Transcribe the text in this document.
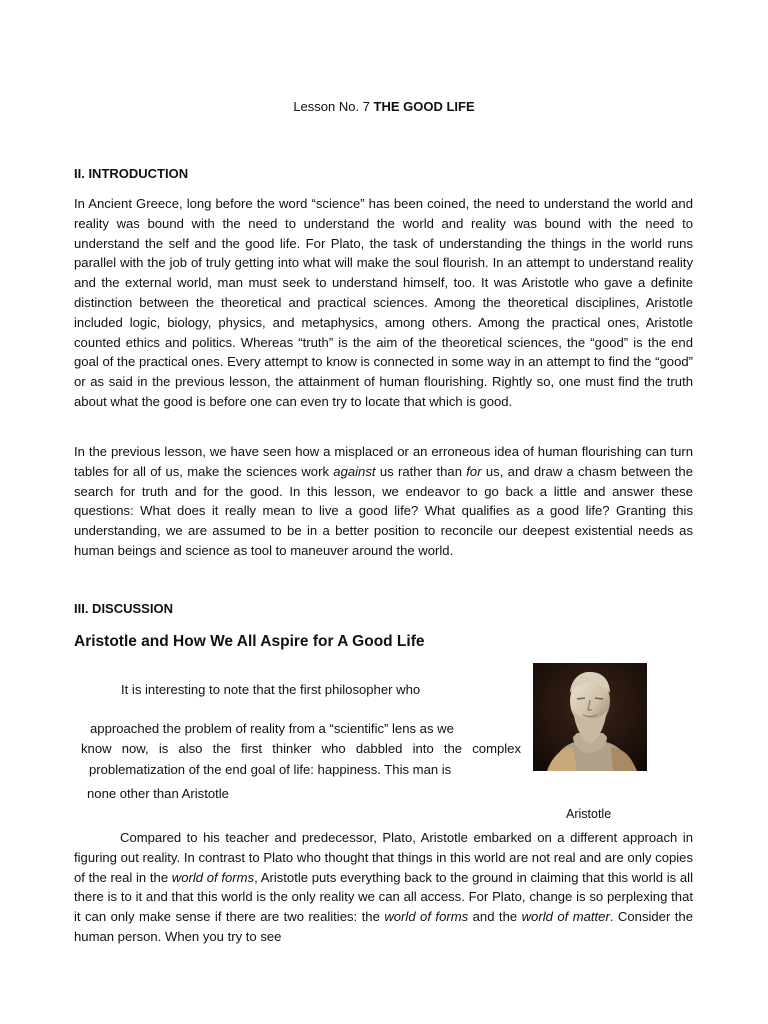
Lesson No. 7 THE GOOD LIFE
II. INTRODUCTION

In Ancient Greece, long before the word “science” has been coined, the need to understand the world and reality was bound with the need to understand the world and reality was bound with the need to understand the self and the good life. For Plato, the task of understanding the things in the world runs parallel with the job of truly getting into what will make the soul flourish. In an attempt to understand reality and the external world, man must seek to understand himself, too. It was Aristotle who gave a definite distinction between the theoretical and practical sciences. Among the theoretical disciplines, Aristotle included logic, biology, physics, and metaphysics, among others. Among the practical ones, Aristotle counted ethics and politics. Whereas “truth” is the aim of the theoretical sciences, the “good” is the end goal of the practical ones. Every attempt to know is connected in some way in an attempt to find the “good” or as said in the previous lesson, the attainment of human flourishing. Rightly so, one must find the truth about what the good is before one can even try to locate that which is good.

In the previous lesson, we have seen how a misplaced or an erroneous idea of human flourishing can turn tables for all of us, make the sciences work against us rather than for us, and draw a chasm between the search for truth and for the good. In this lesson, we endeavor to go back a little and answer these questions: What does it really mean to live a good life? What qualifies as a good life? Granting this understanding, we are assumed to be in a better position to reconcile our deepest existential needs as human beings and science as tool to maneuver around the world.

III. DISCUSSION
Aristotle and How We All Aspire for A Good Life
It is interesting to note that the first philosopher who
approached the problem of reality from a “scientific” lens as we
know now, is also the first thinker who dabbled into the complex
problematization of the end goal of life: happiness. This man is
none other than Aristotle
Aristotle

Compared to his teacher and predecessor, Plato, Aristotle embarked on a different approach in figuring out reality. In contrast to Plato who thought that things in this world are not real and are only copies of the real in the world of forms, Aristotle puts everything back to the ground in claiming that this world is all there is to it and that this world is the only reality we can all access. For Plato, change is so perplexing that it can only make sense if there are two realities: the world of forms and the world of matter. Consider the human person. When you try to see
